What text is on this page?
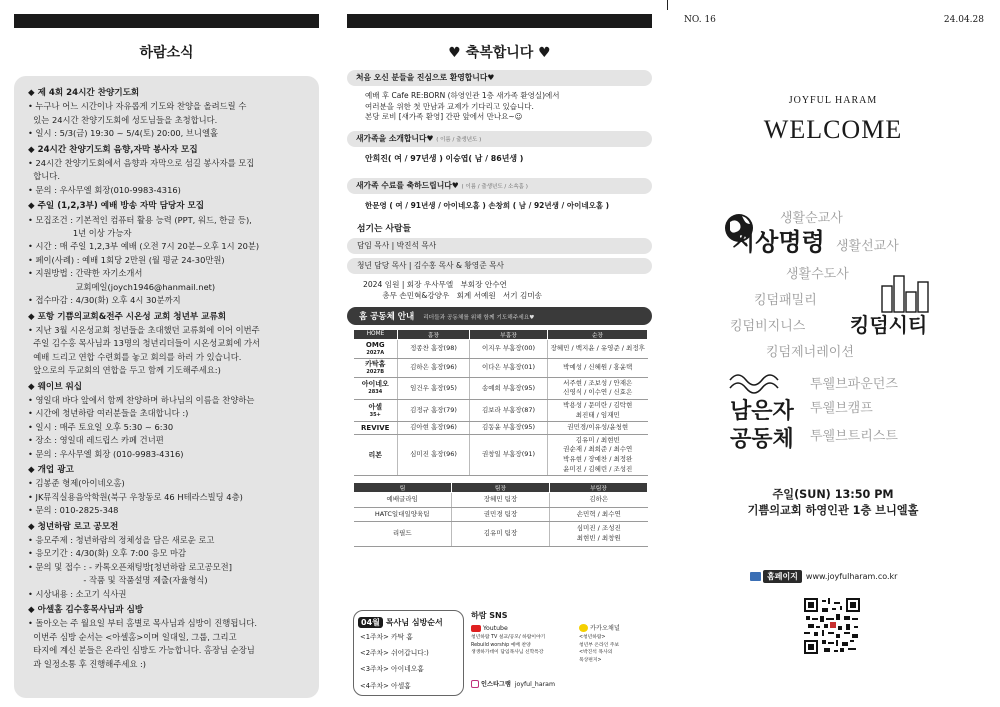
하람소식
◆ 제 4회 24시간 찬양기도회
• 누구나 어느 시간이나 자유롭게 기도와 찬양을 올려드릴 수
있는 24시간 찬양기도회에 성도님들을 초청합니다.
• 일시 : 5/3(금) 19:30 ~ 5/4(토) 20:00, 브니엘홀
◆ 24시간 찬양기도회 음향,자막 봉사자 모집
• 24시간 찬양기도회에서 음향과 자막으로 섬길 봉사자를 모집
합니다.
• 문의 : 우사무엘 회장(010-9983-4316)
◆ 주일 (1,2,3부) 예배 방송 자막 담당자 모집
• 모집조건 : 기본적인 컴퓨터 활용 능력 (PPT, 워드, 한글 등),
1년 이상 가능자
• 시간 : 매 주일 1,2,3부 예배 (오전 7시 20분~오후 1시 20분)
• 페이(사례) : 예배 1회당 2만원 (월 평균 24-30만원)
• 지원방법 : 간략한 자기소개서
교회메일(joych1946@hanmail.net)
• 접수마감 : 4/30(화) 오후 4시 30분까지
◆ 포항 기쁨의교회&전주 시온성 교회 청년부 교류회
• 지난 3월 시온성교회 청년들을 초대했던 교류회에 이어 이번주
주일 김수홍 목사님과 13명의 청년리더들이 시온성교회에 가서
예배 드리고 연합 수련회를 놓고 회의를 하러 가 있습니다.
앞으로의 두교회의 연합을 두고 함께 기도해주세요:)
◆ 웨이브 워십
• 영일대 바다 앞에서 함께 찬양하며 하나님의 이름을 찬양하는
• 시간에 청년하람 여러분들을 초대합니다 :)
• 일시 : 매주 토요일 오후 5:30 ~ 6:30
• 장소 : 영일대 레드립스 카페 건너편
• 문의 : 우사무엘 회장 (010-9983-4316)
◆ 개업 광고
• 김봉준 형제(아이네오홈)
• JK뮤직실용음악학원(북구 우창동로 46 H테라스빌딩 4층)
• 문의 : 010-2825-348
◆ 청년하람 로고 공모전
• 응모주제 : 청년하람의 정체성을 담은 새로운 로고
• 응모기간 : 4/30(화) 오후 7:00 응모 마감
• 문의 및 접수 : - 카톡오픈채팅방[청년하람 로고공모전]
- 작품 및 작품설명 제출(자율형식)
• 시상내용 : 소고기 식사권
◆ 아셀홈 김수홍목사님과 심방
• 돌아오는 주 월요일 부터 홈별로 목사님과 심방이 진행됩니다.
이번주 심방 순서는 <아셀홈>이며 일대일, 그룹, 그리고
타지에 계신 분들은 온라인 심방도 가능합니다. 홈장님 순장님
과 일정소통 후 진행해주세요 :)
♥ 축복합니다 ♥
처음 오신 분들을 진심으로 환영합니다♥
예배 후 Cafe RE:BORN (하영인관 1층 새가족 환영실)에서
여러분을 위한 첫 만남과 교제가 기다리고 있습니다.
본당 로비 [새가족 환영] 간판 앞에서 만나요~☺
새가족을 소개합니다♥ ( 이름 / 출생년도 )
안희진( 여 / 97년생 ) 이승엽( 남 / 86년생 )
새가족 수료를 축하드립니다♥ ( 이름 / 출생년도 / 소속홈 )
한문영 ( 여 / 91년생 / 아이네오홈 ) 손창희 ( 남 / 92년생 / 아이네오홈 )
섬기는 사람들
담임 목사 | 박진석 목사
청년 담당 목사 | 김수홍 목사 & 황영준 목사
2024 임원 | 회장 우사무엘   부회장 안수연
총무 손민혁&강양우   회계 서예원   서기 김미송
홈 공동체 안내 리더들과 공동체를 위해 함께 기도해주세요♥
HOME	홈장	부홈장	순장
OMG
2027A	정종찬 홈장(98)	이지우 부홈장(00)	장혜민 / 백지윤 / 유영준 / 최정후
카탁홈
2027B	김하은 홈장(96)	이다은 부홈장(01)	박예성 / 신혜원 / 홍윤택
아이네오
2834	임건우 홈장(95)	송예희 부홈장(95)	서주현 / 조보성 / 안재은
신영식 / 이수연 / 신효은
아셀
35+	김정규 홈장(79)	김보라 부홈장(87)	박용성 / 문미란 / 김탁현
최진태 / 임재민
REVIVE	김아현 홈장(96)	김동윤 부홈장(95)	권민경/이유성/윤청현
리본	심미진 홈장(96)	권창일 부홈장(91)	김유미 / 최현빈
권순재 / 최희준 / 최수연
박유현 / 장예찬 / 최정완
윤미진 / 김혜린 / 조성진
팀	팀장	부팀장
예배글라임	장혜민 팀장	김하은
HATC일대일양육팀	권민경 팀장	손민혁 / 최수연
리필드	김유미 팀장	심미진 / 조성진
최현빈 / 최창원
04월 목사님 심방순서
<1주차> 카탁 홈
<2주차> 쉬어갑니다:)
<3주차> 아이네오홈
<4주차> 아셀홈
하람 SNS
Youtube
청년하람 TV 설교/공모/ 하람이야기
Rebuild worship 예배 찬양
생생하가데이 담임목사님 신학특강
카카오채널
<청년하람>
청년부 온라인 주보
<박진석 목사의
묵상편지>
인스타그램 joyful_haram
NO. 16	24.04.28
JOYFUL HARAM
WELCOME
생활순교사
지상명령 생활선교사
생활수도사
킹덤패밀리
킹덤비지니스 킹덤시티
킹덤제너레이션
남은자
공동체
투웰브파운던즈
투웰브캠프
투웰브트리스트
주일(SUN) 13:50 PM
기쁨의교회 하영인관 1층 브니엘홀
홈페이지 www.joyfulharam.co.kr
